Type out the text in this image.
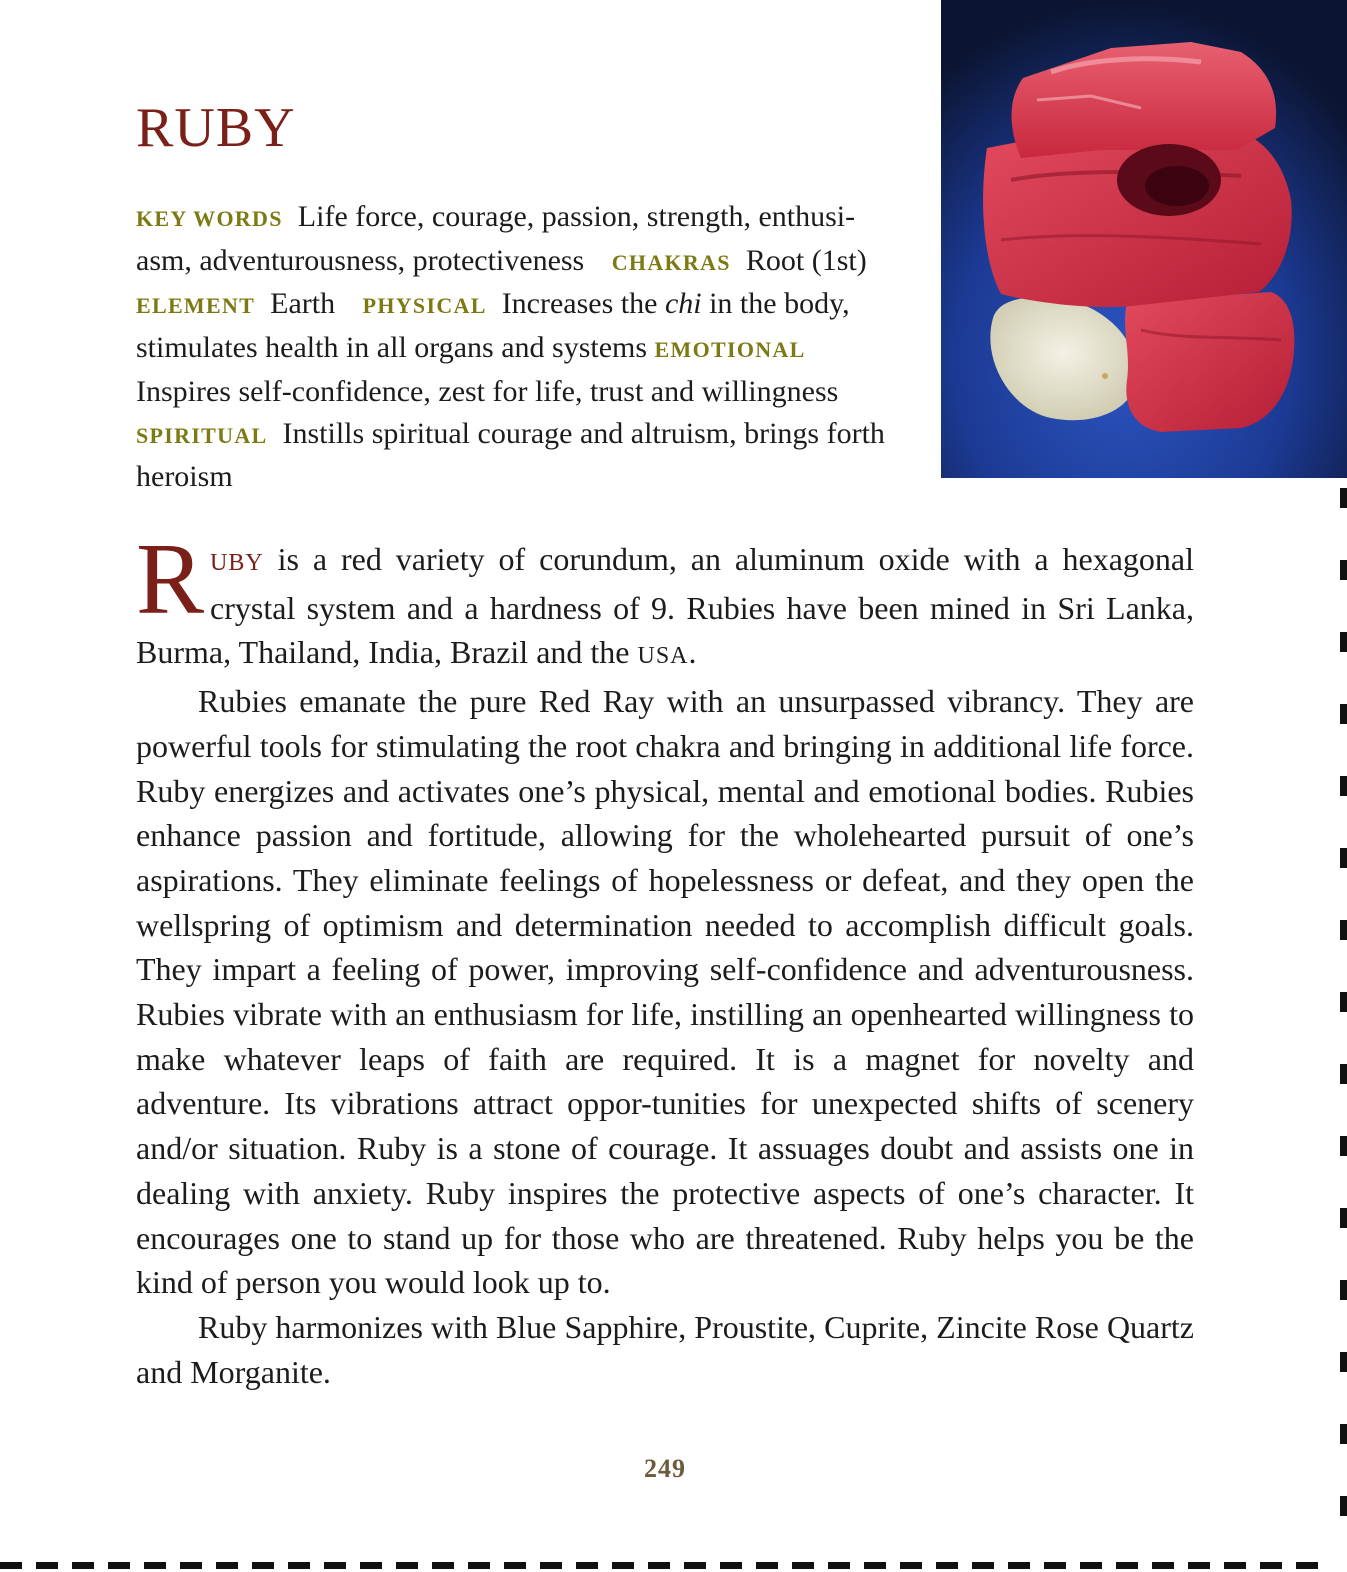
RUBY
KEY WORDS Life force, courage, passion, strength, enthusi-asm, adventurousness, protectiveness CHAKRAS Root (1st) ELEMENT Earth PHYSICAL Increases the chi in the body, stimulates health in all organs and systems EMOTIONAL  Inspires self-confidence, zest for life, trust and willingness SPIRITUAL Instills spiritual courage and altruism, brings forth heroism

RUBY is a red variety of corundum, an aluminum oxide with a hexagonal crystal system and a hardness of 9. Rubies have been mined in Sri Lanka, Burma, Thailand, India, Brazil and the USA.

Rubies emanate the pure Red Ray with an unsurpassed vibrancy. They are powerful tools for stimulating the root chakra and bringing in additional life force. Ruby energizes and activates one’s physical, mental and emotional bodies. Rubies enhance passion and fortitude, allowing for the wholehearted pursuit of one’s aspirations. They eliminate feelings of hopelessness or defeat, and they open the wellspring of optimism and determination needed to accomplish difficult goals. They impart a feeling of power, improving self-confidence and adventurousness. Rubies vibrate with an enthusiasm for life, instilling an openhearted willingness to make whatever leaps of faith are required. It is a magnet for novelty and adventure. Its vibrations attract oppor-tunities for unexpected shifts of scenery and/or situation. Ruby is a stone of courage. It assuages doubt and assists one in dealing with anxiety. Ruby inspires the protective aspects of one’s character. It encourages one to stand up for those who are threatened. Ruby helps you be the kind of person you would look up to.

Ruby harmonizes with Blue Sapphire, Proustite, Cuprite, Zincite Rose Quartz and Morganite.

249
